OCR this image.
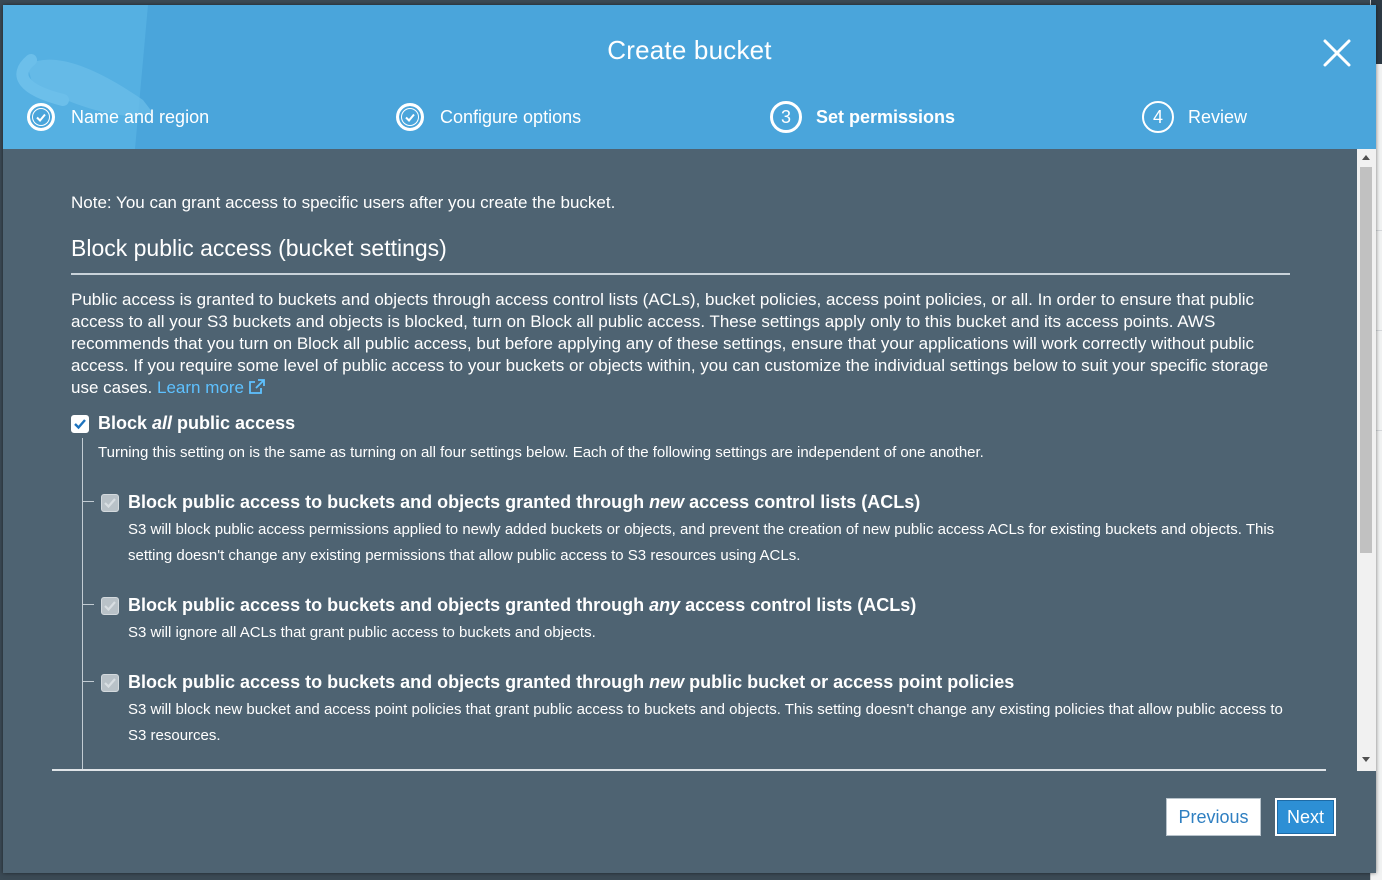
Create bucket
Name and region	Configure options	3	Set permissions	4	Review
Note: You can grant access to specific users after you create the bucket.
Block public access (bucket settings)
Public access is granted to buckets and objects through access control lists (ACLs), bucket policies, access point policies, or all. In order to ensure that public access to all your S3 buckets and objects is blocked, turn on Block all public access. These settings apply only to this bucket and its access points. AWS recommends that you turn on Block all public access, but before applying any of these settings, ensure that your applications will work correctly without public access. If you require some level of public access to your buckets or objects within, you can customize the individual settings below to suit your specific storage use cases. Learn more
Block all public access
Turning this setting on is the same as turning on all four settings below. Each of the following settings are independent of one another.
Block public access to buckets and objects granted through new access control lists (ACLs)
S3 will block public access permissions applied to newly added buckets or objects, and prevent the creation of new public access ACLs for existing buckets and objects. This setting doesn't change any existing permissions that allow public access to S3 resources using ACLs.
Block public access to buckets and objects granted through any access control lists (ACLs)
S3 will ignore all ACLs that grant public access to buckets and objects.
Block public access to buckets and objects granted through new public bucket or access point policies
S3 will block new bucket and access point policies that grant public access to buckets and objects. This setting doesn't change any existing policies that allow public access to S3 resources.
Previous	Next
